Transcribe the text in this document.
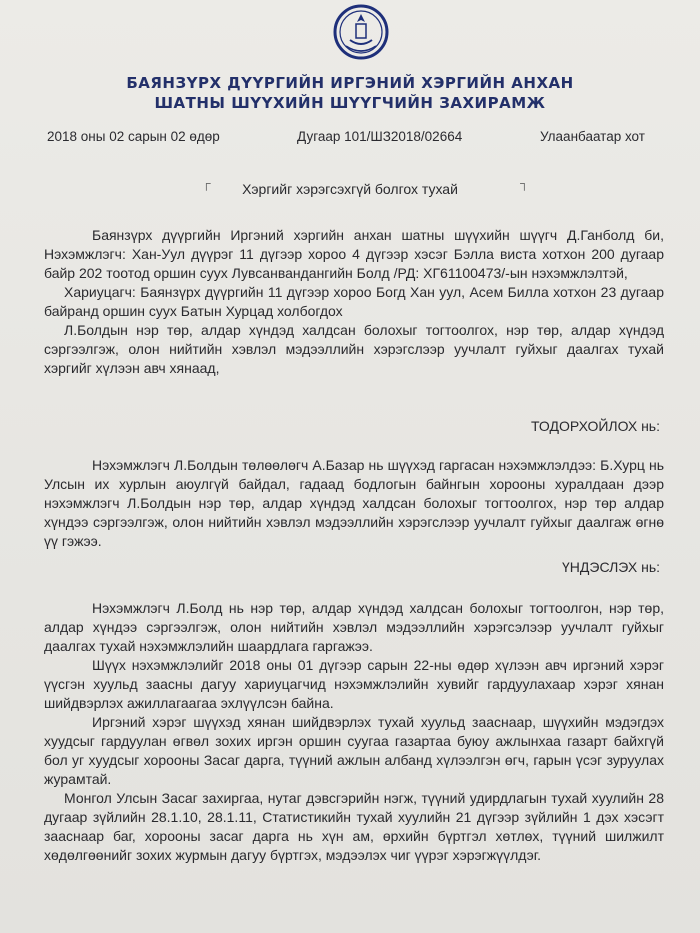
БАЯНЗҮРХ ДҮҮРГИЙН ИРГЭНИЙ ХЭРГИЙН АНХАН
ШАТНЫ ШҮҮХИЙН ШҮҮГЧИЙН ЗАХИРАМЖ
2018 оны 02 сарын 02 өдөр	Дугаар 101/ШЗ2018/02664	Улаанбаатар хот
┌	Хэргийг хэрэгсэхгүй болгох тухай	┐

Баянзүрх дүүргийн Иргэний хэргийн анхан шатны шүүхийн шүүгч Д.Ганболд би, Нэхэмжлэгч: Хан-Уул дүүрэг 11 дүгээр хороо 4 дүгээр хэсэг Бэлла виста хотхон 200 дугаар байр 202 тоотод оршин суух Лувсанвандангийн Болд /РД: ХГ61100473/-ын нэхэмжлэлтэй,

Хариуцагч: Баянзүрх дүүргийн 11 дүгээр хороо Богд Хан уул, Асем Билла хотхон 23 дугаар байранд оршин суух Батын Хурцад холбогдох

Л.Болдын нэр төр, алдар хүндэд халдсан болохыг тогтоолгох, нэр төр, алдар хүндэд сэргээлгэж, олон нийтийн хэвлэл мэдээллийн хэрэгслээр уучлалт гуйхыг даалгах тухай хэргийг хүлээн авч хянаад,

ТОДОРХОЙЛОХ нь:

Нэхэмжлэгч Л.Болдын төлөөлөгч А.Базар нь шүүхэд гаргасан нэхэмжлэлдээ: Б.Хурц нь Улсын их хурлын аюулгүй байдал, гадаад бодлогын байнгын хорооны хуралдаан дээр нэхэмжлэгч Л.Болдын нэр төр, алдар хүндэд халдсан болохыг тогтоолгох, нэр төр алдар хүндээ сэргээлгэж, олон нийтийн хэвлэл мэдээллийн хэрэгслээр уучлалт гуйхыг даалгаж өгнө үү гэжээ.

ҮНДЭСЛЭХ нь:

Нэхэмжлэгч Л.Болд нь нэр төр, алдар хүндэд халдсан болохыг тогтоолгон, нэр төр, алдар хүндээ сэргээлгэж, олон нийтийн хэвлэл мэдээллийн хэрэгсэлээр уучлалт гуйхыг даалгах тухай нэхэмжлэлийн шаардлага гаргажээ.

Шүүх нэхэмжлэлийг 2018 оны 01 дүгээр сарын 22-ны өдөр хүлээн авч иргэний хэрэг үүсгэн хуульд заасны дагуу хариуцагчид нэхэмжлэлийн хувийг гардуулахаар хэрэг хянан шийдвэрлэх ажиллагаагаа эхлүүлсэн байна.

Иргэний хэрэг шүүхэд хянан шийдвэрлэх тухай хуульд зааснаар, шүүхийн мэдэгдэх хуудсыг гардуулан өгвөл зохих иргэн оршин суугаа газартаа буюу ажлынхаа газарт байхгүй бол уг хуудсыг хорооны Засаг дарга, түүний ажлын албанд хүлээлгэн өгч, гарын үсэг зуруулах журамтай.

Монгол Улсын Засаг захиргаа, нутаг дэвсгэрийн нэгж, түүний удирдлагын тухай хуулийн 28 дугаар зүйлийн 28.1.10, 28.1.11, Статистикийн тухай хуулийн 21 дүгээр зүйлийн 1 дэх хэсэгт зааснаар баг, хорооны засаг дарга нь хүн ам, өрхийн бүртгэл хөтлөх, түүний шилжилт хөдөлгөөнийг зохих журмын дагуу бүртгэх, мэдээлэх чиг үүрэг хэрэгжүүлдэг.
